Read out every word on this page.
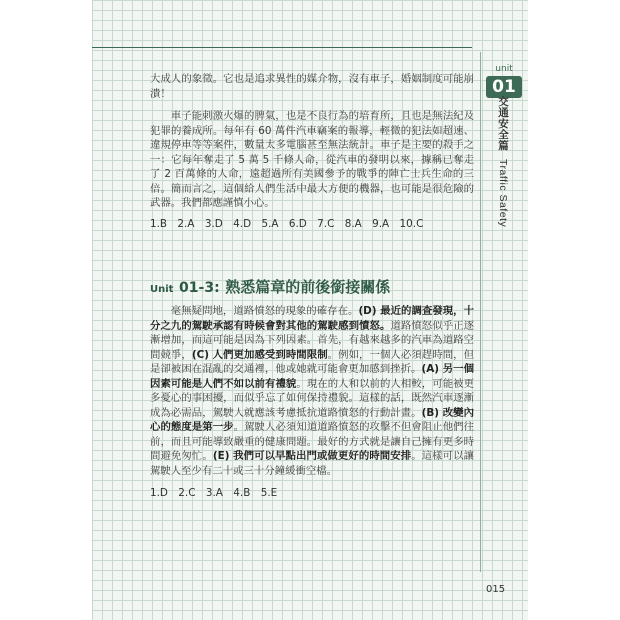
unit
01
交通安全篇 Traffic Safety
大成人的象徵。它也是追求異性的媒介物，沒有車子，婚姻制度可能崩潰！
車子能刺激火爆的脾氣，也是不良行為的培育所，且也是無法紀及犯罪的養成所。每年有 60 萬件汽車竊案的報導，輕微的犯法如超速、違規停車等等案件，數量太多電腦甚至無法統計。車子是主要的殺手之一：它每年奪走了 5 萬 5 千條人命，從汽車的發明以來，據稱已奪走了 2 百萬條的人命，遠超過所有美國參予的戰爭的陣亡士兵生命的三倍。簡而言之，這個給人們生活中最大方便的機器，也可能是很危險的武器。我們都應謹慎小心。
1.B　2.A　3.D　4.D　5.A　6.D　7.C　8.A　9.A　10.C
Unit 01-3: 熟悉篇章的前後銜接關係
毫無疑問地，道路憤怒的現象的確存在。(D) 最近的調查發現，十分之九的駕駛承認有時候會對其他的駕駛感到憤怒。道路憤怒似乎正逐漸增加，而這可能是因為下列因素。首先，有越來越多的汽車為道路空間競爭，(C) 人們更加感受到時間限制。例如，一個人必須趕時間，但是卻被困在混亂的交通裡，他或她就可能會更加感到挫折。(A) 另一個因素可能是人們不如以前有禮貌。現在的人和以前的人相較，可能被更多憂心的事困擾，而似乎忘了如何保持禮貌。這樣的話，既然汽車逐漸成為必需品，駕駛人就應該考慮抵抗道路憤怒的行動計畫。(B) 改變內心的態度是第一步。駕駛人必須知道道路憤怒的攻擊不但會阻止他們往前，而且可能導致嚴重的健康問題。最好的方式就是讓自己擁有更多時間避免匆忙。(E) 我們可以早點出門或做更好的時間安排。這樣可以讓駕駛人至少有二十或三十分鐘緩衝空檔。
1.D　2.C　3.A　4.B　5.E
015
